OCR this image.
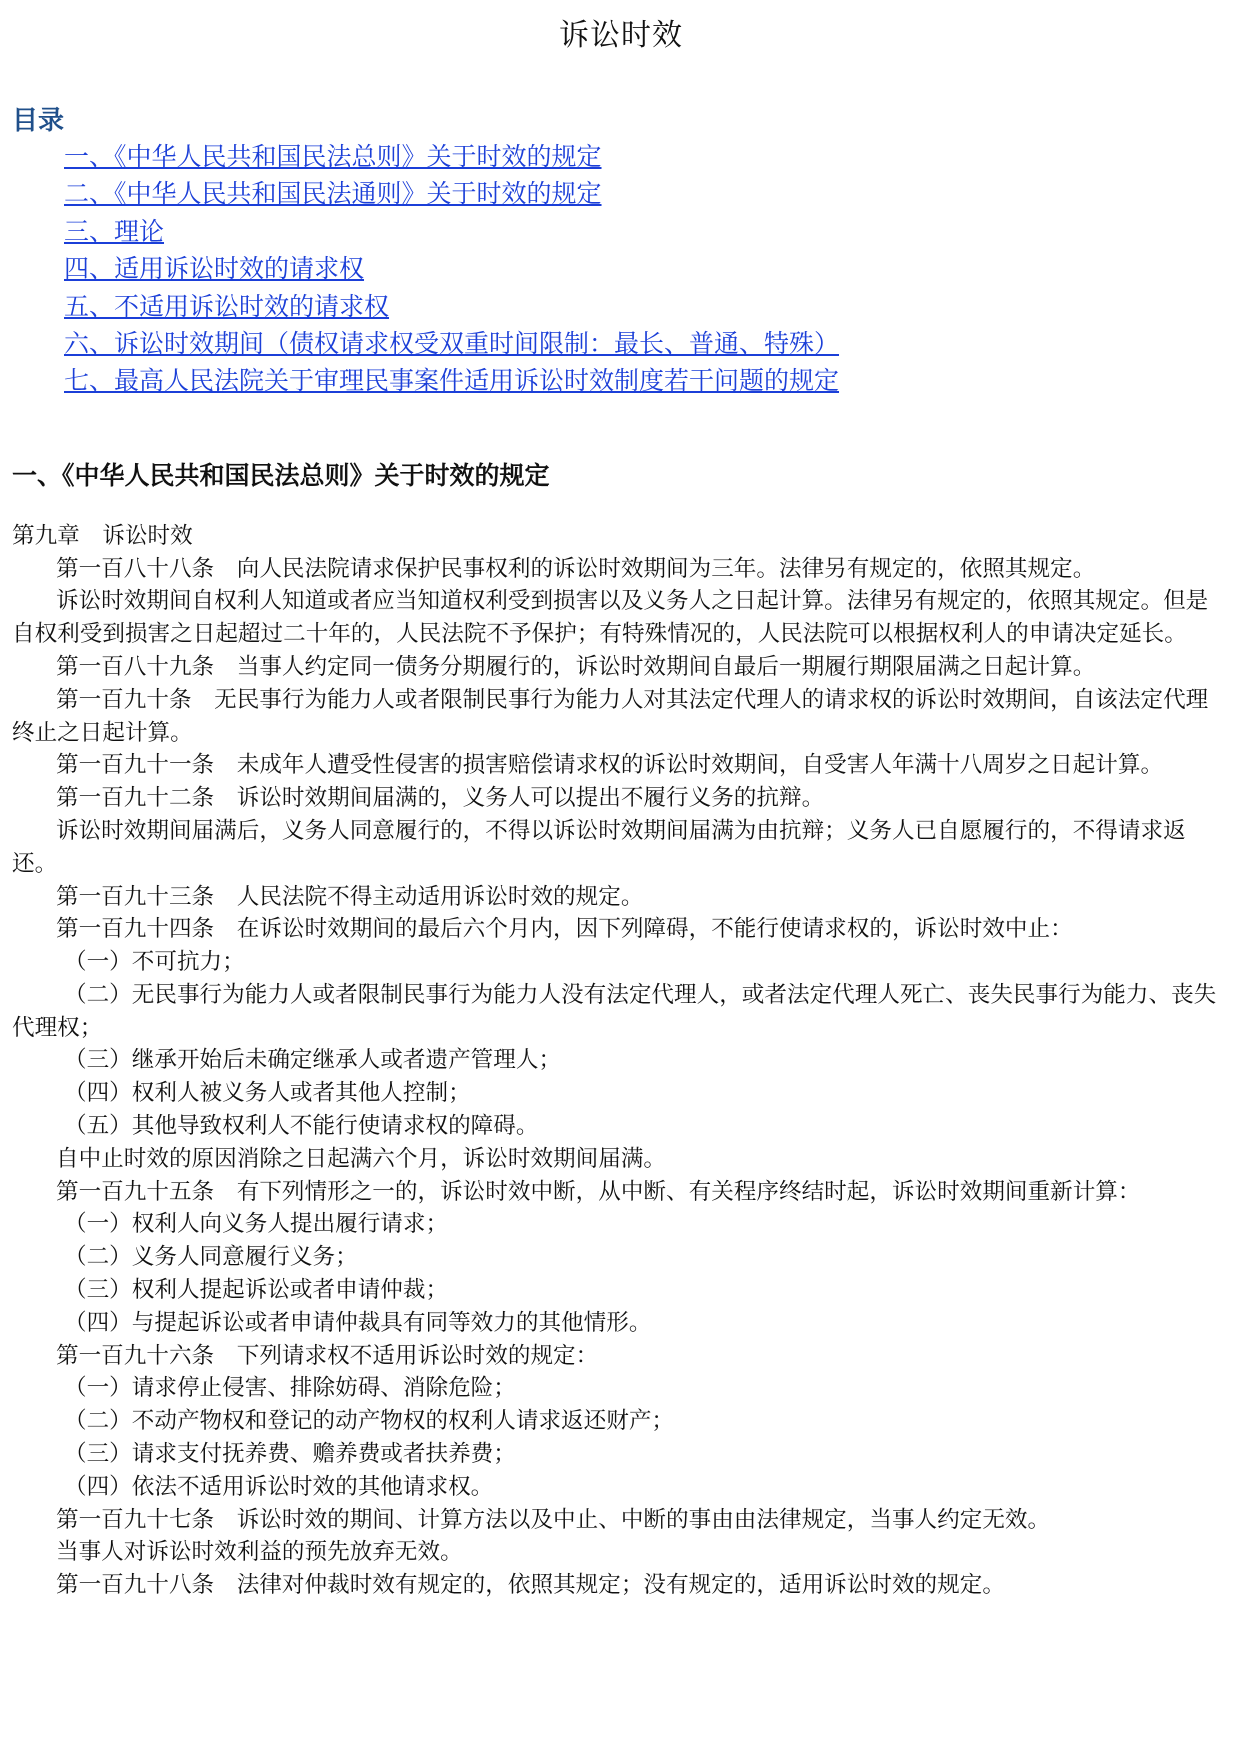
诉讼时效
目录
一、《中华人民共和国民法总则》关于时效的规定
二、《中华人民共和国民法通则》关于时效的规定
三、理论
四、适用诉讼时效的请求权
五、不适用诉讼时效的请求权
六、诉讼时效期间（债权请求权受双重时间限制：最长、普通、特殊）
七、最高人民法院关于审理民事案件适用诉讼时效制度若干问题的规定
一、《中华人民共和国民法总则》关于时效的规定

第九章　诉讼时效

第一百八十八条　向人民法院请求保护民事权利的诉讼时效期间为三年。法律另有规定的，依照其规定。

诉讼时效期间自权利人知道或者应当知道权利受到损害以及义务人之日起计算。法律另有规定的，依照其规定。但是自权利受到损害之日起超过二十年的，人民法院不予保护；有特殊情况的，人民法院可以根据权利人的申请决定延长。

第一百八十九条　当事人约定同一债务分期履行的，诉讼时效期间自最后一期履行期限届满之日起计算。

第一百九十条　无民事行为能力人或者限制民事行为能力人对其法定代理人的请求权的诉讼时效期间，自该法定代理终止之日起计算。

第一百九十一条　未成年人遭受性侵害的损害赔偿请求权的诉讼时效期间，自受害人年满十八周岁之日起计算。

第一百九十二条　诉讼时效期间届满的，义务人可以提出不履行义务的抗辩。

诉讼时效期间届满后，义务人同意履行的，不得以诉讼时效期间届满为由抗辩；义务人已自愿履行的，不得请求返还。

第一百九十三条　人民法院不得主动适用诉讼时效的规定。

第一百九十四条　在诉讼时效期间的最后六个月内，因下列障碍，不能行使请求权的，诉讼时效中止：

（一）不可抗力；

（二）无民事行为能力人或者限制民事行为能力人没有法定代理人，或者法定代理人死亡、丧失民事行为能力、丧失代理权；

（三）继承开始后未确定继承人或者遗产管理人；

（四）权利人被义务人或者其他人控制；

（五）其他导致权利人不能行使请求权的障碍。

自中止时效的原因消除之日起满六个月，诉讼时效期间届满。

第一百九十五条　有下列情形之一的，诉讼时效中断，从中断、有关程序终结时起，诉讼时效期间重新计算：

（一）权利人向义务人提出履行请求；

（二）义务人同意履行义务；

（三）权利人提起诉讼或者申请仲裁；

（四）与提起诉讼或者申请仲裁具有同等效力的其他情形。

第一百九十六条　下列请求权不适用诉讼时效的规定：

（一）请求停止侵害、排除妨碍、消除危险；

（二）不动产物权和登记的动产物权的权利人请求返还财产；

（三）请求支付抚养费、赡养费或者扶养费；

（四）依法不适用诉讼时效的其他请求权。

第一百九十七条　诉讼时效的期间、计算方法以及中止、中断的事由由法律规定，当事人约定无效。

当事人对诉讼时效利益的预先放弃无效。

第一百九十八条　法律对仲裁时效有规定的，依照其规定；没有规定的，适用诉讼时效的规定。
